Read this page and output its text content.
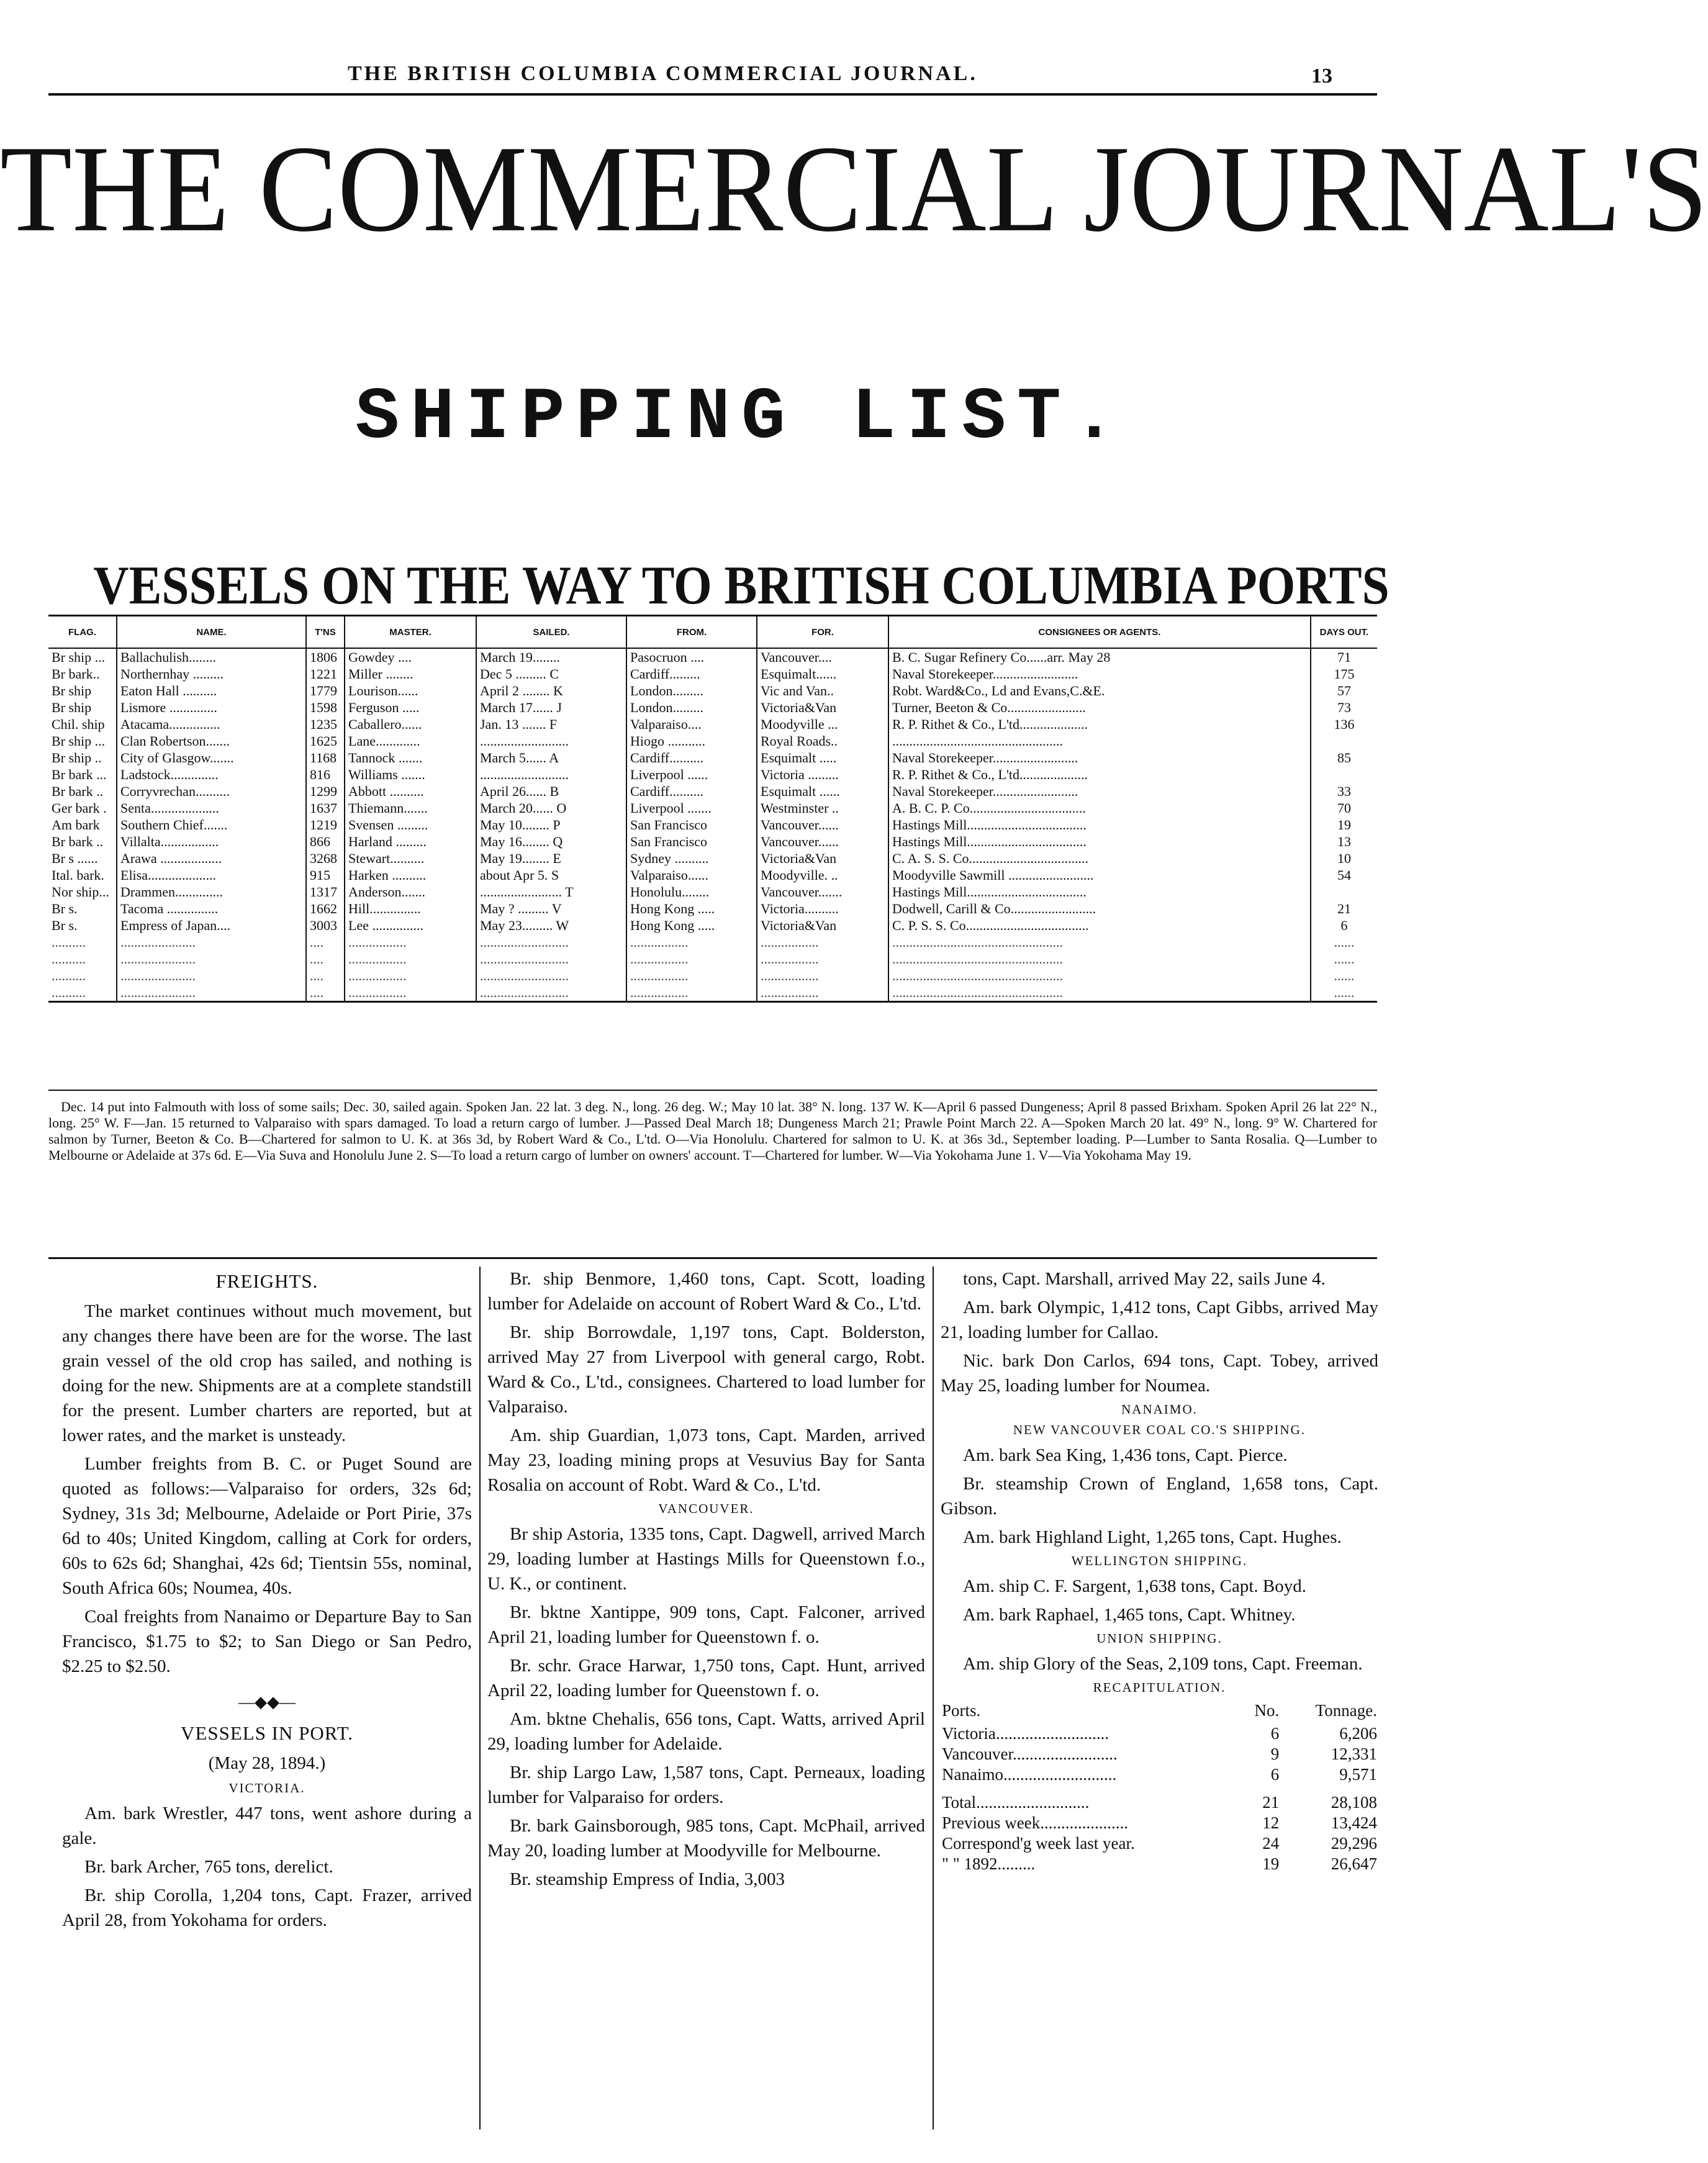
THE BRITISH COLUMBIA COMMERCIAL JOURNAL.	13
THE COMMERCIAL JOURNAL'S
SHIPPING LIST.
VESSELS ON THE WAY TO BRITISH COLUMBIA PORTS
FLAG.	NAME.	T'NS	MASTER.	SAILED.	FROM.	FOR.	CONSIGNEES OR AGENTS.	DAYS OUT.
Br ship ...	Ballachulish........	1806	Gowdey ....	March 19........	Pasocruon ....	Vancouver....	B. C. Sugar Refinery Co......arr. May 28	71
Br bark..	Northernhay .........	1221	Miller ........	Dec 5 ......... C	Cardiff.........	Esquimalt......	Naval Storekeeper.........................	175
Br ship	Eaton Hall ..........	1779	Lourison......	April 2 ........ K	London.........	Vic and Van..	Robt. Ward&Co., Ld and Evans,C.&E.	57
Br ship	Lismore ..............	1598	Ferguson .....	March 17...... J	London.........	Victoria&Van	Turner, Beeton & Co.......................	73
Chil. ship	Atacama...............	1235	Caballero......	Jan. 13 ....... F	Valparaiso....	Moodyville ...	R. P. Rithet & Co., L'td....................	136
Br ship ...	Clan Robertson.......	1625	Lane.............	..........................	Hiogo ...........	Royal Roads..	..................................................	
Br ship ..	City of Glasgow.......	1168	Tannock .......	March 5...... A	Cardiff..........	Esquimalt .....	Naval Storekeeper.........................	85
Br bark ...	Ladstock..............	816	Williams .......	..........................	Liverpool ......	Victoria .........	R. P. Rithet & Co., L'td....................	
Br bark ..	Corryvrechan..........	1299	Abbott ..........	April 26...... B	Cardiff..........	Esquimalt ......	Naval Storekeeper.........................	33
Ger bark .	Senta....................	1637	Thiemann.......	March 20...... O	Liverpool .......	Westminster ..	A. B. C. P. Co..................................	70
Am bark	Southern Chief.......	1219	Svensen .........	May 10........ P	San Francisco	Vancouver......	Hastings Mill...................................	19
Br bark ..	Villalta.................	866	Harland .........	May 16........ Q	San Francisco	Vancouver......	Hastings Mill...................................	13
Br s ......	Arawa ..................	3268	Stewart..........	May 19........ E	Sydney ..........	Victoria&Van	C. A. S. S. Co...................................	10
Ital. bark.	Elisa....................	915	Harken ..........	about Apr 5. S	Valparaiso......	Moodyville. ..	Moodyville Sawmill .........................	54
Nor ship...	Drammen..............	1317	Anderson.......	........................ T	Honolulu........	Vancouver.......	Hastings Mill...................................	
Br s.	Tacoma ...............	1662	Hill...............	May ? ......... V	Hong Kong .....	Victoria..........	Dodwell, Carill & Co.........................	21
Br s.	Empress of Japan....	3003	Lee ...............	May 23......... W	Hong Kong .....	Victoria&Van	C. P. S. S. Co....................................	6
..........	......................	....	.................	..........................	.................	.................	..................................................	......
..........	......................	....	.................	..........................	.................	.................	..................................................	......
..........	......................	....	.................	..........................	.................	.................	..................................................	......
..........	......................	....	.................	..........................	.................	.................	..................................................	......
Dec. 14 put into Falmouth with loss of some sails; Dec. 30, sailed again. Spoken Jan. 22 lat. 3 deg. N., long. 26 deg. W.; May 10 lat. 38° N. long. 137 W. K—April 6 passed Dungeness; April 8 passed Brixham. Spoken April 26 lat 22° N., long. 25° W. F—Jan. 15 returned to Valparaiso with spars damaged. To load a return cargo of lumber. J—Passed Deal March 18; Dungeness March 21; Prawle Point March 22. A—Spoken March 20 lat. 49° N., long. 9° W. Chartered for salmon by Turner, Beeton & Co. B—Chartered for salmon to U. K. at 36s 3d, by Robert Ward & Co., L'td. O—Via Honolulu. Chartered for salmon to U. K. at 36s 3d., September loading. P—Lumber to Santa Rosalia. Q—Lumber to Melbourne or Adelaide at 37s 6d. E—Via Suva and Honolulu June 2. S—To load a return cargo of lumber on owners' account. T—Chartered for lumber. W—Via Yokohama June 1. V—Via Yokohama May 19.

FREIGHTS.

The market continues without much movement, but any changes there have been are for the worse. The last grain vessel of the old crop has sailed, and nothing is doing for the new. Shipments are at a complete standstill for the present. Lumber charters are reported, but at lower rates, and the market is unsteady.

Lumber freights from B. C. or Puget Sound are quoted as follows:—Valparaiso for orders, 32s 6d; Sydney, 31s 3d; Melbourne, Adelaide or Port Pirie, 37s 6d to 40s; United Kingdom, calling at Cork for orders, 60s to 62s 6d; Shanghai, 42s 6d; Tientsin 55s, nominal, South Africa 60s; Noumea, 40s.

Coal freights from Nanaimo or Departure Bay to San Francisco, $1.75 to $2; to San Diego or San Pedro, $2.25 to $2.50.

—◆◆—

VESSELS IN PORT.

(May 28, 1894.)

VICTORIA.

Am. bark Wrestler, 447 tons, went ashore during a gale.

Br. bark Archer, 765 tons, derelict.

Br. ship Corolla, 1,204 tons, Capt. Frazer, arrived April 28, from Yokohama for orders.

Br. ship Benmore, 1,460 tons, Capt. Scott, loading lumber for Adelaide on account of Robert Ward & Co., L'td.

Br. ship Borrowdale, 1,197 tons, Capt. Bolderston, arrived May 27 from Liverpool with general cargo, Robt. Ward & Co., L'td., consignees. Chartered to load lumber for Valparaiso.

Am. ship Guardian, 1,073 tons, Capt. Marden, arrived May 23, loading mining props at Vesuvius Bay for Santa Rosalia on account of Robt. Ward & Co., L'td.

VANCOUVER.

Br ship Astoria, 1335 tons, Capt. Dagwell, arrived March 29, loading lumber at Hastings Mills for Queenstown f.o., U. K., or continent.

Br. bktne Xantippe, 909 tons, Capt. Falconer, arrived April 21, loading lumber for Queenstown f. o.

Br. schr. Grace Harwar, 1,750 tons, Capt. Hunt, arrived April 22, loading lumber for Queenstown f. o.

Am. bktne Chehalis, 656 tons, Capt. Watts, arrived April 29, loading lumber for Adelaide.

Br. ship Largo Law, 1,587 tons, Capt. Perneaux, loading lumber for Valparaiso for orders.

Br. bark Gainsborough, 985 tons, Capt. McPhail, arrived May 20, loading lumber at Moodyville for Melbourne.

Br. steamship Empress of India, 3,003

tons, Capt. Marshall, arrived May 22, sails June 4.

Am. bark Olympic, 1,412 tons, Capt Gibbs, arrived May 21, loading lumber for Callao.

Nic. bark Don Carlos, 694 tons, Capt. Tobey, arrived May 25, loading lumber for Noumea.

NANAIMO.

NEW VANCOUVER COAL CO.'S SHIPPING.

Am. bark Sea King, 1,436 tons, Capt. Pierce.

Br. steamship Crown of England, 1,658 tons, Capt. Gibson.

Am. bark Highland Light, 1,265 tons, Capt. Hughes.

WELLINGTON SHIPPING.

Am. ship C. F. Sargent, 1,638 tons, Capt. Boyd.

Am. bark Raphael, 1,465 tons, Capt. Whitney.

UNION SHIPPING.

Am. ship Glory of the Seas, 2,109 tons, Capt. Freeman.

RECAPITULATION.

Ports.	No.	Tonnage.
Victoria...........................	6	6,206
Vancouver.........................	9	12,331
Nanaimo...........................	6	9,571
Total...........................	21	28,108
Previous week.....................	12	13,424
Correspond'g week last year.	24	29,296
" " 1892.........	19	26,647
